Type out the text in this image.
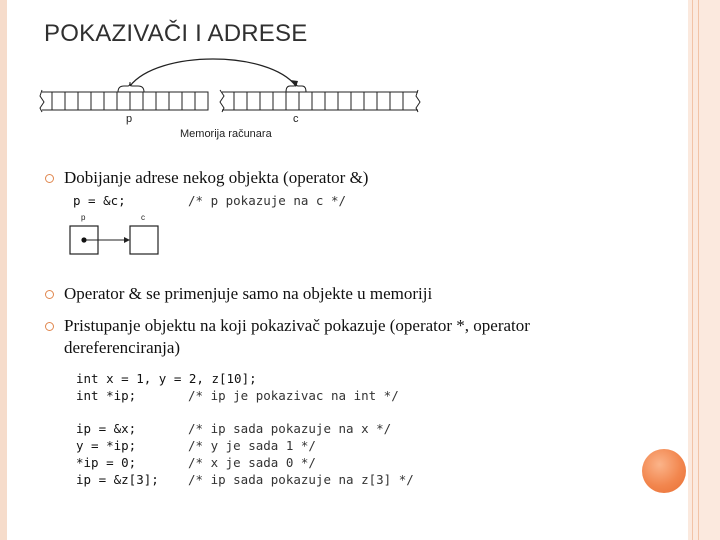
POKAZIVAČI I ADRESE
p	c
Memorija računara
Dobijanje adrese nekog objekta (operator &)
p = &c;	/* p pokazuje na c */
p	c
Operator & se primenjuje samo na objekte u memoriji
Pristupanje objektu na koji pokazivač pokazuje (operator *, operator dereferenciranja)
int x = 1, y = 2, z[10];
int *ip;	/* ip je pokazivac na int */
ip = &x;	/* ip sada pokazuje na x */
y = *ip;	/* y je sada 1 */
*ip = 0;	/* x je sada 0 */
ip = &z[3]; /* ip sada pokazuje na z[3] */
